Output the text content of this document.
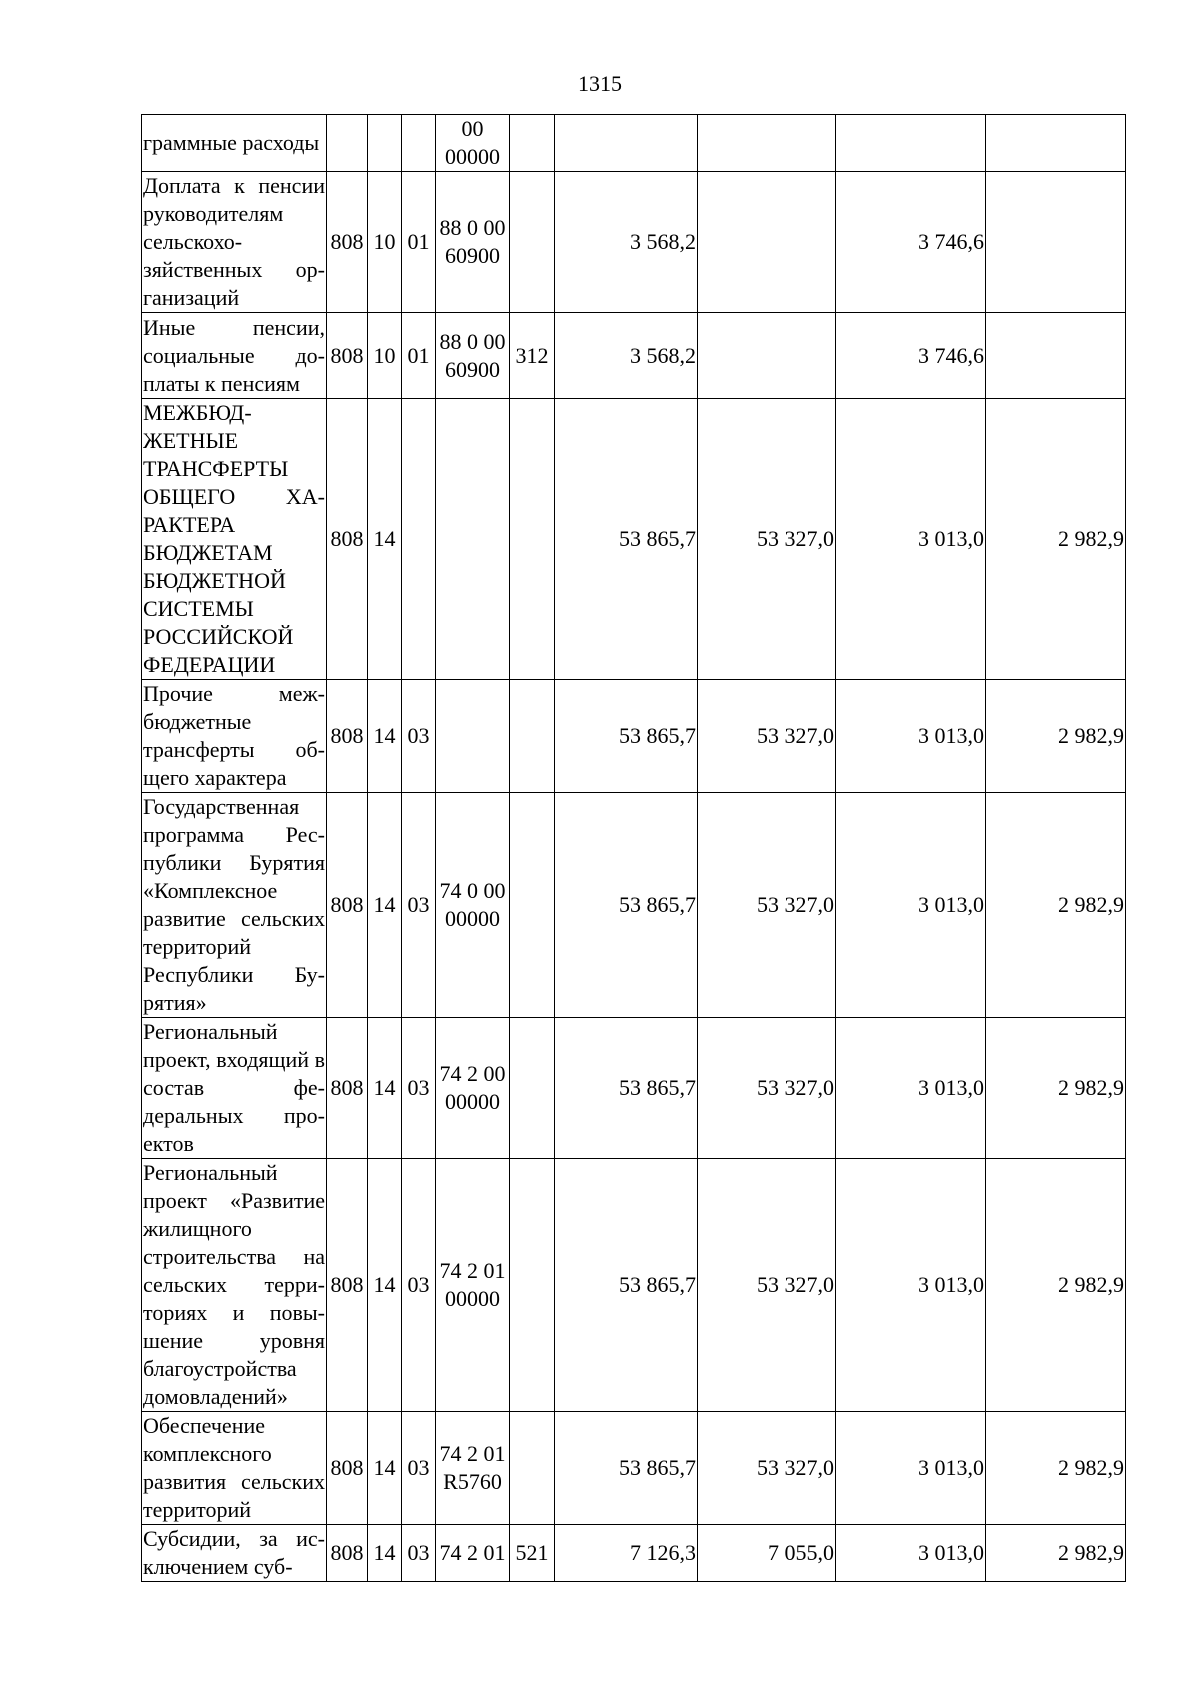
1315
граммные расходы				00 00000					
Доплата к пенсии руководителям сельскохозяйственных организаций	808	10	01	88 0 00 60900		3 568,2		3 746,6	
Иные пенсии, социальные доплаты к пенсиям	808	10	01	88 0 00 60900	312	3 568,2		3 746,6	
МЕЖБЮДЖЕТНЫЕ ТРАНСФЕРТЫ ОБЩЕГО ХАРАКТЕРА БЮДЖЕТАМ БЮДЖЕТНОЙ СИСТЕМЫ РОССИЙСКОЙ ФЕДЕРАЦИИ	808	14				53 865,7	53 327,0	3 013,0	2 982,9
Прочие межбюджетные трансферты общего характера	808	14	03			53 865,7	53 327,0	3 013,0	2 982,9
Государственная программа Республики Бурятия «Комплексное развитие сельских территорий Республики Бурятия»	808	14	03	74 0 00 00000		53 865,7	53 327,0	3 013,0	2 982,9
Региональный проект, входящий в состав федеральных проектов	808	14	03	74 2 00 00000		53 865,7	53 327,0	3 013,0	2 982,9
Региональный проект «Развитие жилищного строительства на сельских территориях и повышение уровня благоустройства домовладений»	808	14	03	74 2 01 00000		53 865,7	53 327,0	3 013,0	2 982,9
Обеспечение комплексного развития сельских территорий	808	14	03	74 2 01 R5760		53 865,7	53 327,0	3 013,0	2 982,9
Субсидии, за исключением суб-	808	14	03	74 2 01	521	7 126,3	7 055,0	3 013,0	2 982,9
